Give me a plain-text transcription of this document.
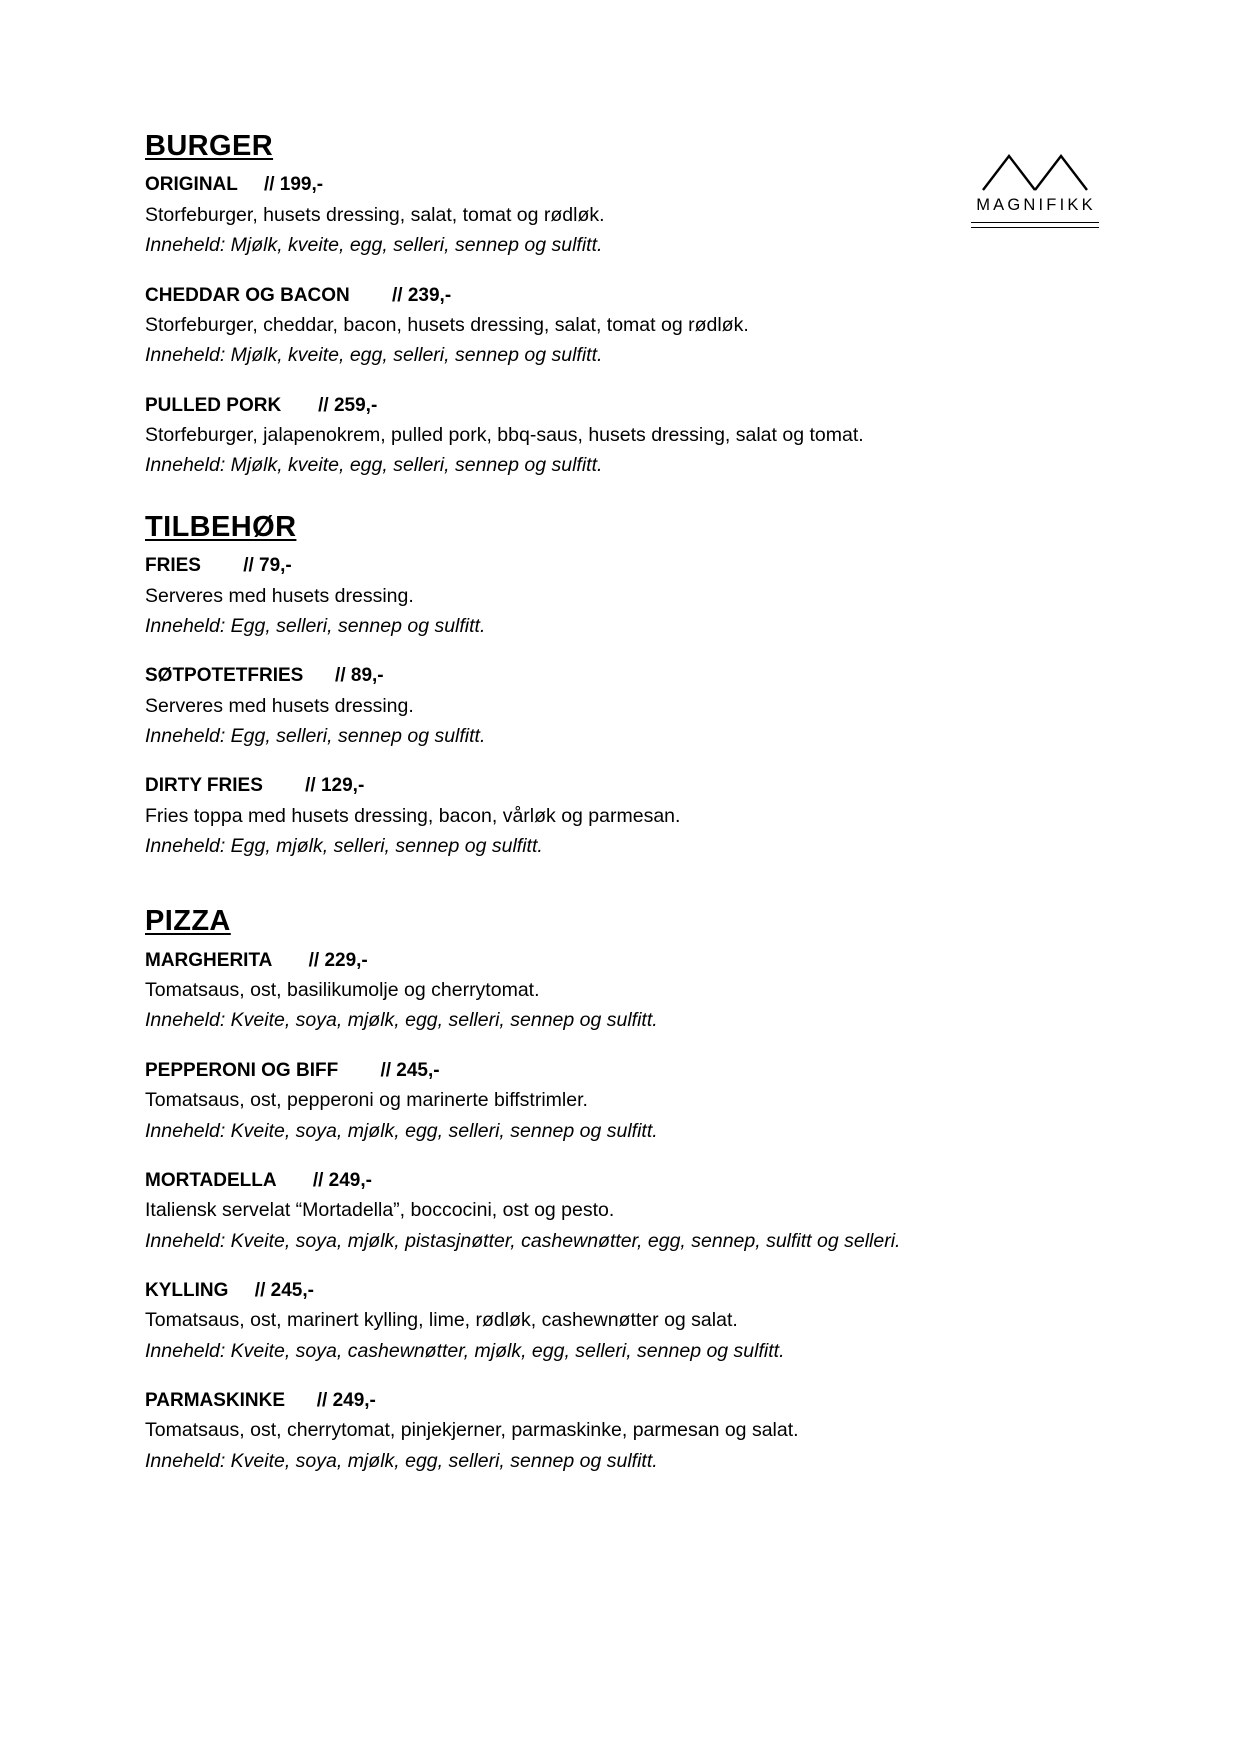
MAGNIFIKK
BURGER
ORIGINAL // 199,-
Storfeburger, husets dressing, salat, tomat og rødløk.
Inneheld: Mjølk, kveite, egg, selleri, sennep og sulfitt.
CHEDDAR OG BACON // 239,-
Storfeburger, cheddar, bacon, husets dressing, salat, tomat og rødløk.
Inneheld: Mjølk, kveite, egg, selleri, sennep og sulfitt.
PULLED PORK // 259,-
Storfeburger, jalapenokrem, pulled pork, bbq-saus, husets dressing, salat og tomat.
Inneheld: Mjølk, kveite, egg, selleri, sennep og sulfitt.
TILBEHØR
FRIES // 79,-
Serveres med husets dressing.
Inneheld: Egg, selleri, sennep og sulfitt.
SØTPOTETFRIES // 89,-
Serveres med husets dressing.
Inneheld: Egg, selleri, sennep og sulfitt.
DIRTY FRIES // 129,-
Fries toppa med husets dressing, bacon, vårløk og parmesan.
Inneheld: Egg, mjølk, selleri, sennep og sulfitt.
PIZZA
MARGHERITA // 229,-
Tomatsaus, ost, basilikumolje og cherrytomat.
Inneheld: Kveite, soya, mjølk, egg, selleri, sennep og sulfitt.
PEPPERONI OG BIFF // 245,-
Tomatsaus, ost, pepperoni og marinerte biffstrimler.
Inneheld: Kveite, soya, mjølk, egg, selleri, sennep og sulfitt.
MORTADELLA // 249,-
Italiensk servelat “Mortadella”, boccocini, ost og pesto.
Inneheld: Kveite, soya, mjølk, pistasjnøtter, cashewnøtter, egg, sennep, sulfitt og selleri.
KYLLING // 245,-
Tomatsaus, ost, marinert kylling, lime, rødløk, cashewnøtter og salat.
Inneheld: Kveite, soya, cashewnøtter, mjølk, egg, selleri, sennep og sulfitt.
PARMASKINKE // 249,-
Tomatsaus, ost, cherrytomat, pinjekjerner, parmaskinke, parmesan og salat.
Inneheld: Kveite, soya, mjølk, egg, selleri, sennep og sulfitt.
